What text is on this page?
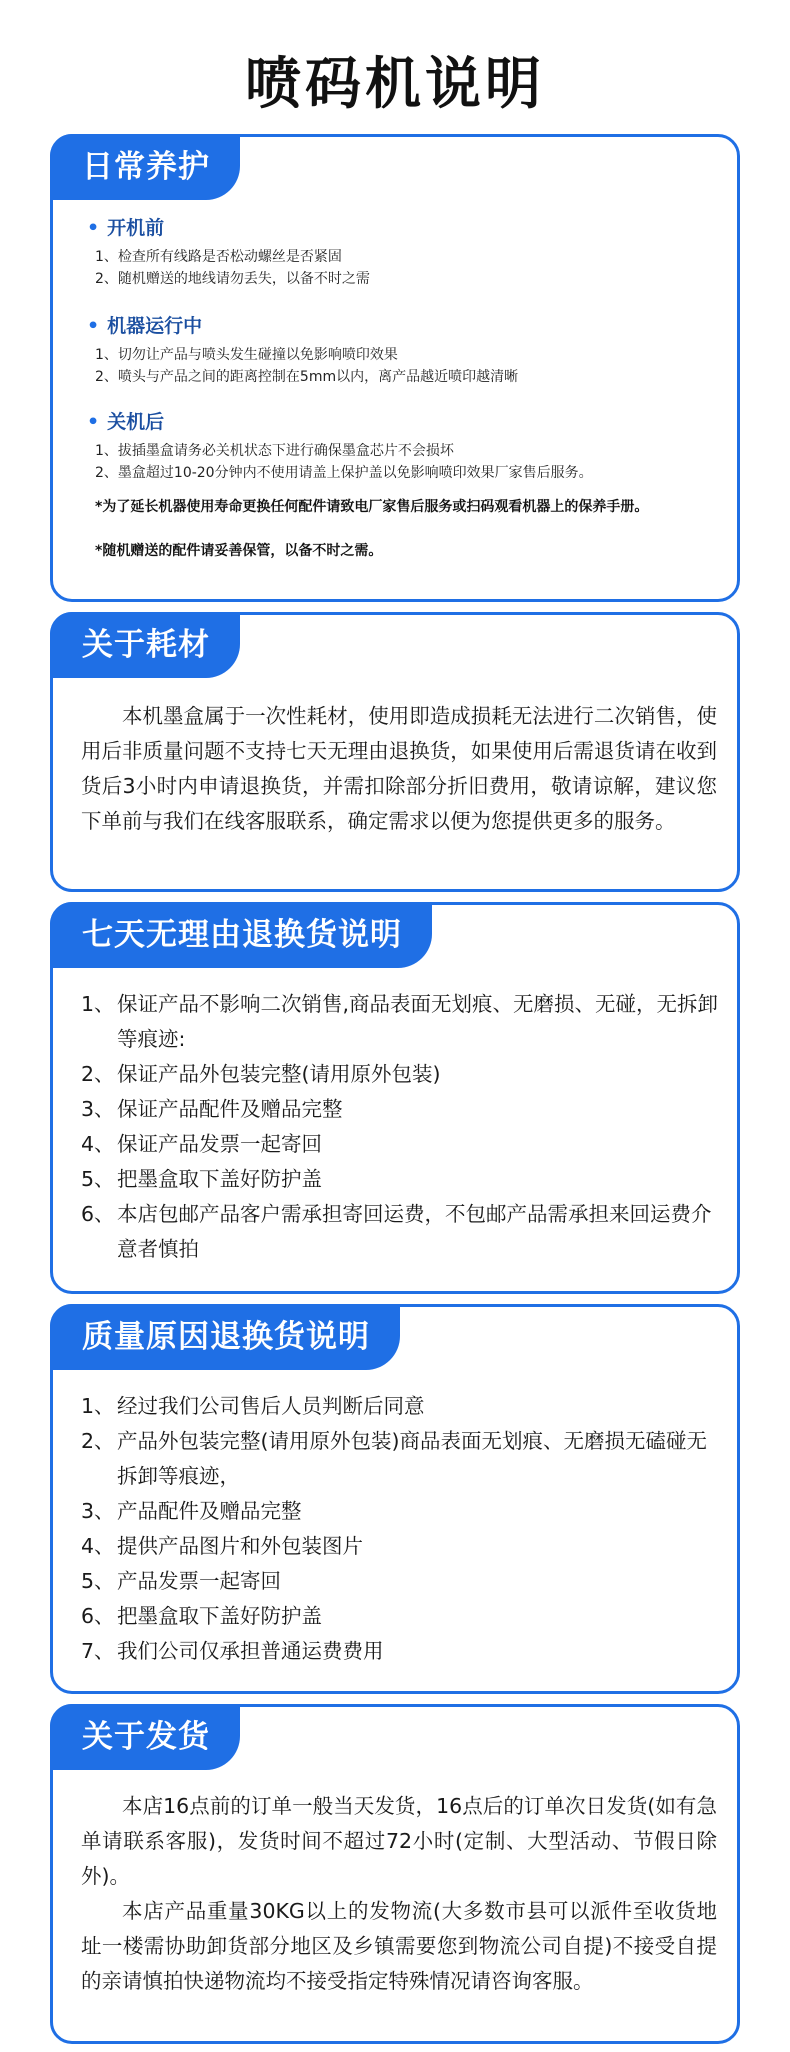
喷码机说明
日常养护
• 开机前
1、检查所有线路是否松动螺丝是否紧固
2、随机赠送的地线请勿丢失，以备不时之需
• 机器运行中
1、切勿让产品与喷头发生碰撞以免影响喷印效果
2、喷头与产品之间的距离控制在5mm以内，离产品越近喷印越清晰
• 关机后
1、拔插墨盒请务必关机状态下进行确保墨盒芯片不会损坏
2、墨盒超过10-20分钟内不使用请盖上保护盖以免影响喷印效果厂家售后服务。
*为了延长机器使用寿命更换任何配件请致电厂家售后服务或扫码观看机器上的保养手册。
*随机赠送的配件请妥善保管，以备不时之需。
关于耗材
本机墨盒属于一次性耗材，使用即造成损耗无法进行二次销售，使用后非质量问题不支持七天无理由退换货，如果使用后需退货请在收到货后3小时内申请退换货，并需扣除部分折旧费用，敬请谅解，建议您下单前与我们在线客服联系，确定需求以便为您提供更多的服务。
七天无理由退换货说明
1、 保证产品不影响二次销售,商品表面无划痕、无磨损、无碰，无拆卸等痕迹:
2、 保证产品外包装完整(请用原外包装)
3、 保证产品配件及赠品完整
4、 保证产品发票一起寄回
5、 把墨盒取下盖好防护盖
6、 本店包邮产品客户需承担寄回运费，不包邮产品需承担来回运费介意者慎拍
质量原因退换货说明
1、 经过我们公司售后人员判断后同意
2、 产品外包装完整(请用原外包装)商品表面无划痕、无磨损无磕碰无拆卸等痕迹，
3、 产品配件及赠品完整
4、 提供产品图片和外包装图片
5、 产品发票一起寄回
6、 把墨盒取下盖好防护盖
7、 我们公司仅承担普通运费费用
关于发货
本店16点前的订单一般当天发货，16点后的订单次日发货(如有急单请联系客服)，发货时间不超过72小时(定制、大型活动、节假日除外)。
本店产品重量30KG以上的发物流(大多数市县可以派件至收货地址一楼需协助卸货部分地区及乡镇需要您到物流公司自提)不接受自提的亲请慎拍快递物流均不接受指定特殊情况请咨询客服。
